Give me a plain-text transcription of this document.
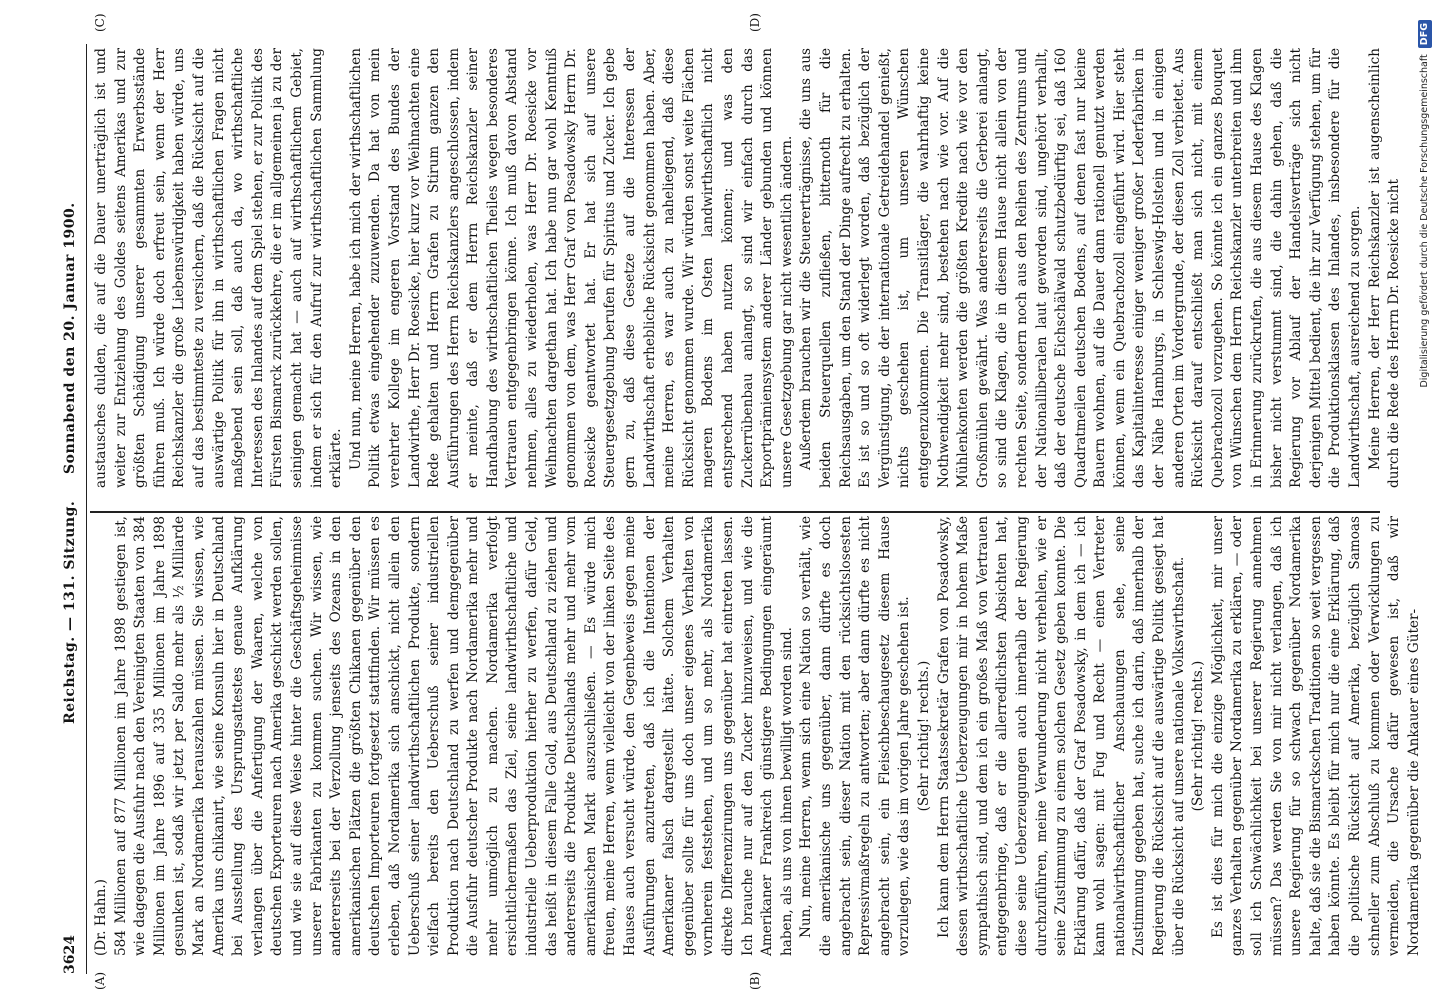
3624
Reichstag. — 131. Sitzung.
Sonnabend den 20. Januar 1900.
(A)	(B)
(C)	(D)

(Dr. Hahn.) 584 Millionen auf 877 Millionen im Jahre 1898 gestiegen ist, wie dagegen die Ausfuhr nach den Vereinigten Staaten von 384 Millionen im Jahre 1896 auf 335 Millionen im Jahre 1898 gesunken ist, sodaß wir jetzt per Saldo mehr als ½ Milliarde Mark an Nordamerika herauszahlen müssen. Sie wissen, wie Amerika uns chikanirt, wie seine Konsuln hier in Deutschland bei Ausstellung des Ursprungsattestes genaue Aufklärung verlangen über die Anfertigung der Waaren, welche von deutschen Exporteuren nach Amerika geschickt werden sollen, und wie sie auf diese Weise hinter die Geschäftsgeheimnisse unserer Fabrikanten zu kommen suchen. Wir wissen, wie andererseits bei der Verzollung jenseits des Ozeans in den amerikanischen Plätzen die größten Chikanen gegenüber den deutschen Importeuren fortgesetzt stattfinden. Wir müssen es erleben, daß Nordamerika sich anschickt, nicht allein den Ueberschuß seiner landwirthschaftlichen Produkte, sondern vielfach bereits den Ueberschuß seiner industriellen Produktion nach Deutschland zu werfen und demgegenüber die Ausfuhr deutscher Produkte nach Nordamerika mehr und mehr unmöglich zu machen. Nordamerika verfolgt ersichtlichermaßen das Ziel, seine landwirthschaftliche und industrielle Ueberproduktion hierher zu werfen, dafür Geld, das heißt in diesem Falle Gold, aus Deutschland zu ziehen und andererseits die Produkte Deutschlands mehr und mehr vom amerikanischen Markt auszuschließen. — Es würde mich freuen, meine Herren, wenn vielleicht von der linken Seite des Hauses auch versucht würde, den Gegenbeweis gegen meine Ausführungen anzutreten, daß ich die Intentionen der Amerikaner falsch dargestellt hätte. Solchem Verhalten gegenüber sollte für uns doch unser eigenes Verhalten von vornherein feststehen, und um so mehr, als Nordamerika direkte Differenzirungen uns gegenüber hat eintreten lassen. Ich brauche nur auf den Zucker hinzuweisen, und wie die Amerikaner Frankreich günstigere Bedingungen eingeräumt haben, als uns von ihnen bewilligt worden sind. Nun, meine Herren, wenn sich eine Nation so verhält, wie die amerikanische uns gegenüber, dann dürfte es doch angebracht sein, dieser Nation mit den rücksichtslosesten Repressivmaßregeln zu antworten; aber dann dürfte es nicht angebracht sein, ein Fleischbeschaugesetz diesem Hause vorzulegen, wie das im vorigen Jahre geschehen ist. (Sehr richtig! rechts.) Ich kann dem Herrn Staatssekretär Grafen von Posadowsky, dessen wirthschaftliche Ueberzeugungen mir in hohem Maße sympathisch sind, und dem ich ein großes Maß von Vertrauen entgegenbringe, daß er die allerredlichsten Absichten hat, diese seine Ueberzeugungen auch innerhalb der Regierung durchzuführen, meine Verwunderung nicht verhehlen, wie er seine Zustimmung zu einem solchen Gesetz geben konnte. Die Erklärung dafür, daß der Graf Posadowsky, in dem ich — ich kann wohl sagen: mit Fug und Recht — einen Vertreter nationalwirthschaftlicher Anschauungen sehe, seine Zustimmung gegeben hat, suche ich darin, daß innerhalb der Regierung die Rücksicht auf die auswärtige Politik gesiegt hat über die Rücksicht auf unsere nationale Volkswirthschaft. (Sehr richtig! rechts.) Es ist dies für mich die einzige Möglichkeit, mir unser ganzes Verhalten gegenüber Nordamerika zu erklären, — oder soll ich Schwächlichkeit bei unserer Regierung annehmen müssen? Das werden Sie von mir nicht verlangen, daß ich unsere Regierung für so schwach gegenüber Nordamerika halte, daß sie die Bismarckschen Traditionen so weit vergessen haben könnte. Es bleibt für mich nur die eine Erklärung, daß die politische Rücksicht auf Amerika, bezüglich Samoas schneller zum Abschluß zu kommen oder Verwicklungen zu vermeiden, die Ursache dafür gewesen ist, daß wir Nordamerika gegenüber die Ankauer eines Güter-

austausches dulden, die auf die Dauer unerträglich ist und weiter zur Entziehung des Goldes seitens Amerikas und zur größten Schädigung unserer gesammten Erwerbsstände führen muß. Ich würde doch erfreut sein, wenn der Herr Reichskanzler die große Liebenswürdigkeit haben würde, uns auf das bestimmteste zu versichern, daß die Rücksicht auf die auswärtige Politik für ihn in wirthschaftlichen Fragen nicht maßgebend sein soll, daß auch da, wo wirthschaftliche Interessen des Inlandes auf dem Spiel stehen, er zur Politik des Fürsten Bismarck zurückkehre, die er im allgemeinen ja zu der seinigen gemacht hat — auch auf wirthschaftlichem Gebiet, indem er sich für den Aufruf zur wirthschaftlichen Sammlung erklärte. Und nun, meine Herren, habe ich mich der wirthschaftlichen Politik etwas eingehender zuzuwenden. Da hat von mein verehrter Kollege im engeren Vorstand des Bundes der Landwirthe, Herr Dr. Roesicke, hier kurz vor Weihnachten eine Rede gehalten und Herrn Grafen zu Stirum ganzen den Ausführungen des Herrn Reichskanzlers angeschlossen, indem er meinte, daß er dem Herrn Reichskanzler seiner Handhabung des wirthschaftlichen Theiles wegen besonderes Vertrauen entgegenbringen könne. Ich muß davon Abstand nehmen, alles zu wiederholen, was Herr Dr. Roesicke vor Weihnachten dargethan hat. Ich habe nun gar wohl Kenntniß genommen von dem, was Herr Graf von Posadowsky Herrn Dr. Roesicke geantwortet hat. Er hat sich auf unsere Steuergesetzgebung berufen für Spiritus und Zucker. Ich gebe gern zu, daß diese Gesetze auf die Interessen der Landwirthschaft erhebliche Rücksicht genommen haben. Aber, meine Herren, es war auch zu naheliegend, daß diese Rücksicht genommen wurde. Wir würden sonst weite Flächen mageren Bodens im Osten landwirthschaftlich nicht entsprechend haben nutzen können; und was den Zuckerrübenbau anlangt, so sind wir einfach durch das Exportprämiensystem anderer Länder gebunden und können unsere Gesetzgebung gar nicht wesentlich ändern. Außerdem brauchen wir die Steuererträgnisse, die uns aus beiden Steuerquellen zufließen, bitternoth für die Reichsausgaben, um den Stand der Dinge aufrecht zu erhalten. Es ist so und so oft widerlegt worden, daß bezüglich der Vergünstigung, die der internationale Getreidehandel genießt, nichts geschehen ist, um unseren Wünschen entgegenzukommen. Die Transitläger, die wahrhaftig keine Nothwendigkeit mehr sind, bestehen nach wie vor. Auf die Mühlenkonten werden die größten Kredite nach wie vor den Großmühlen gewährt. Was andererseits die Gerberei anlangt, so sind die Klagen, die in diesem Hause nicht allein von der rechten Seite, sondern noch aus den Reihen des Zentrums und der Nationalliberalen laut geworden sind, ungehört verhallt, daß der deutsche Eichschälwald schutzbedürftig sei, daß 160 Quadratmeilen deutschen Bodens, auf denen fast nur kleine Bauern wohnen, auf die Dauer dann rationell genutzt werden können, wenn ein Quebrachozoll eingeführt wird. Hier steht das Kapitalinteresse einiger weniger großer Lederfabriken in der Nähe Hamburgs, in Schleswig-Holstein und in einigen anderen Orten im Vordergrunde, der diesen Zoll verbietet. Aus Rücksicht darauf entschließt man sich nicht, mit einem Quebrachozoll vorzugehen. So könnte ich ein ganzes Bouquet von Wünschen dem Herrn Reichskanzler unterbreiten und ihm in Erinnerung zurückrufen, die aus diesem Hause des Klagen bisher nicht verstummt sind, die dahin gehen, daß die Regierung vor Ablauf der Handelsverträge sich nicht derjenigen Mittel bedient, die ihr zur Verfügung stehen, um für die Produktionsklassen des Inlandes, insbesondere für die Landwirthschaft, ausreichend zu sorgen. Meine Herren, der Herr Reichskanzler ist augenscheinlich durch die Rede des Herrn Dr. Roesicke nicht Digitalisierung gefördert durch die Deutsche Forschungsgemeinschaft DFG
